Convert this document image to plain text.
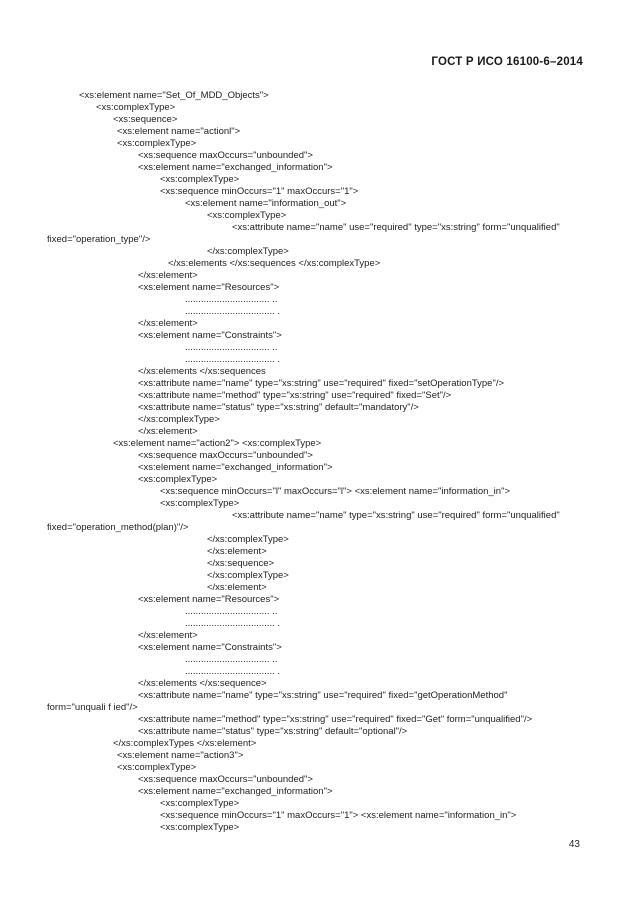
ГОСТ Р ИСО 16100-6–2014
<xs:element name="Set_Of_MDD_Objects">
<xs:complexType>
<xs:sequence>
<xs:element name="actionl">
<xs:complexType>
<xs:sequence maxOccurs="unbounded">
<xs:element name="exchanged_information">
<xs:complexType>
<xs:sequence minOccurs="1" maxOccurs="1">
<xs:element name="information_out">
<xs:complexType>
<xs:attribute name="name" use="required" type="xs:string" form="unqualified"
fixed="operation_type"/>
</xs:complexType>
</xs:elements </xs:sequences </xs:complexType>
</xs:element>
<xs:element name="Resources">
................................ ..
.................................. .
</xs:element>
<xs:element name="Constraints">
................................ ..
.................................. .
</xs:elements </xs:sequences
<xs:attribute name="name" type="xs:string" use="required" fixed="setOperationType"/>
<xs:attribute name="method" type="xs:string" use="required" fixed="Set"/>
<xs:attribute name="status" type="xs:string" default="mandatory"/>
</xs:complexType>
</xs:element>
<xs:element name="action2"> <xs:complexType>
<xs:sequence maxOccurs="unbounded">
<xs:element name="exchanged_information">
<xs:complexType>
<xs:sequence minOccurs="l" maxOccurs="l"> <xs:element name="information_in">
<xs:complexType>
<xs:attribute name="name" type="xs:string" use="required" form="unqualified"
fixed="operation_method(plan)"/>
</xs:complexType>
</xs:element>
</xs:sequence>
</xs:complexType>
</xs:element>
<xs:element name="Resources">
................................ ..
.................................. .
</xs:element>
<xs:element name="Constraints">
................................ ..
.................................. .
</xs:elements </xs:sequence>
<xs:attribute name="name" type="xs:string" use="required" fixed="getOperationMethod"
form="unquali f ied"/>
<xs:attribute name="method" type="xs:string" use="required" fixed="Get" form="unqualified"/>
<xs:attribute name="status" type="xs:string" default="optional"/>
</xs:complexTypes </xs:element>
<xs:element name="action3">
<xs:complexType>
<xs:sequence maxOccurs="unbounded">
<xs:element name="exchanged_information">
<xs:complexType>
<xs:sequence minOccurs="1" maxOccurs="1"> <xs:element name="information_in">
<xs:complexType>
43
